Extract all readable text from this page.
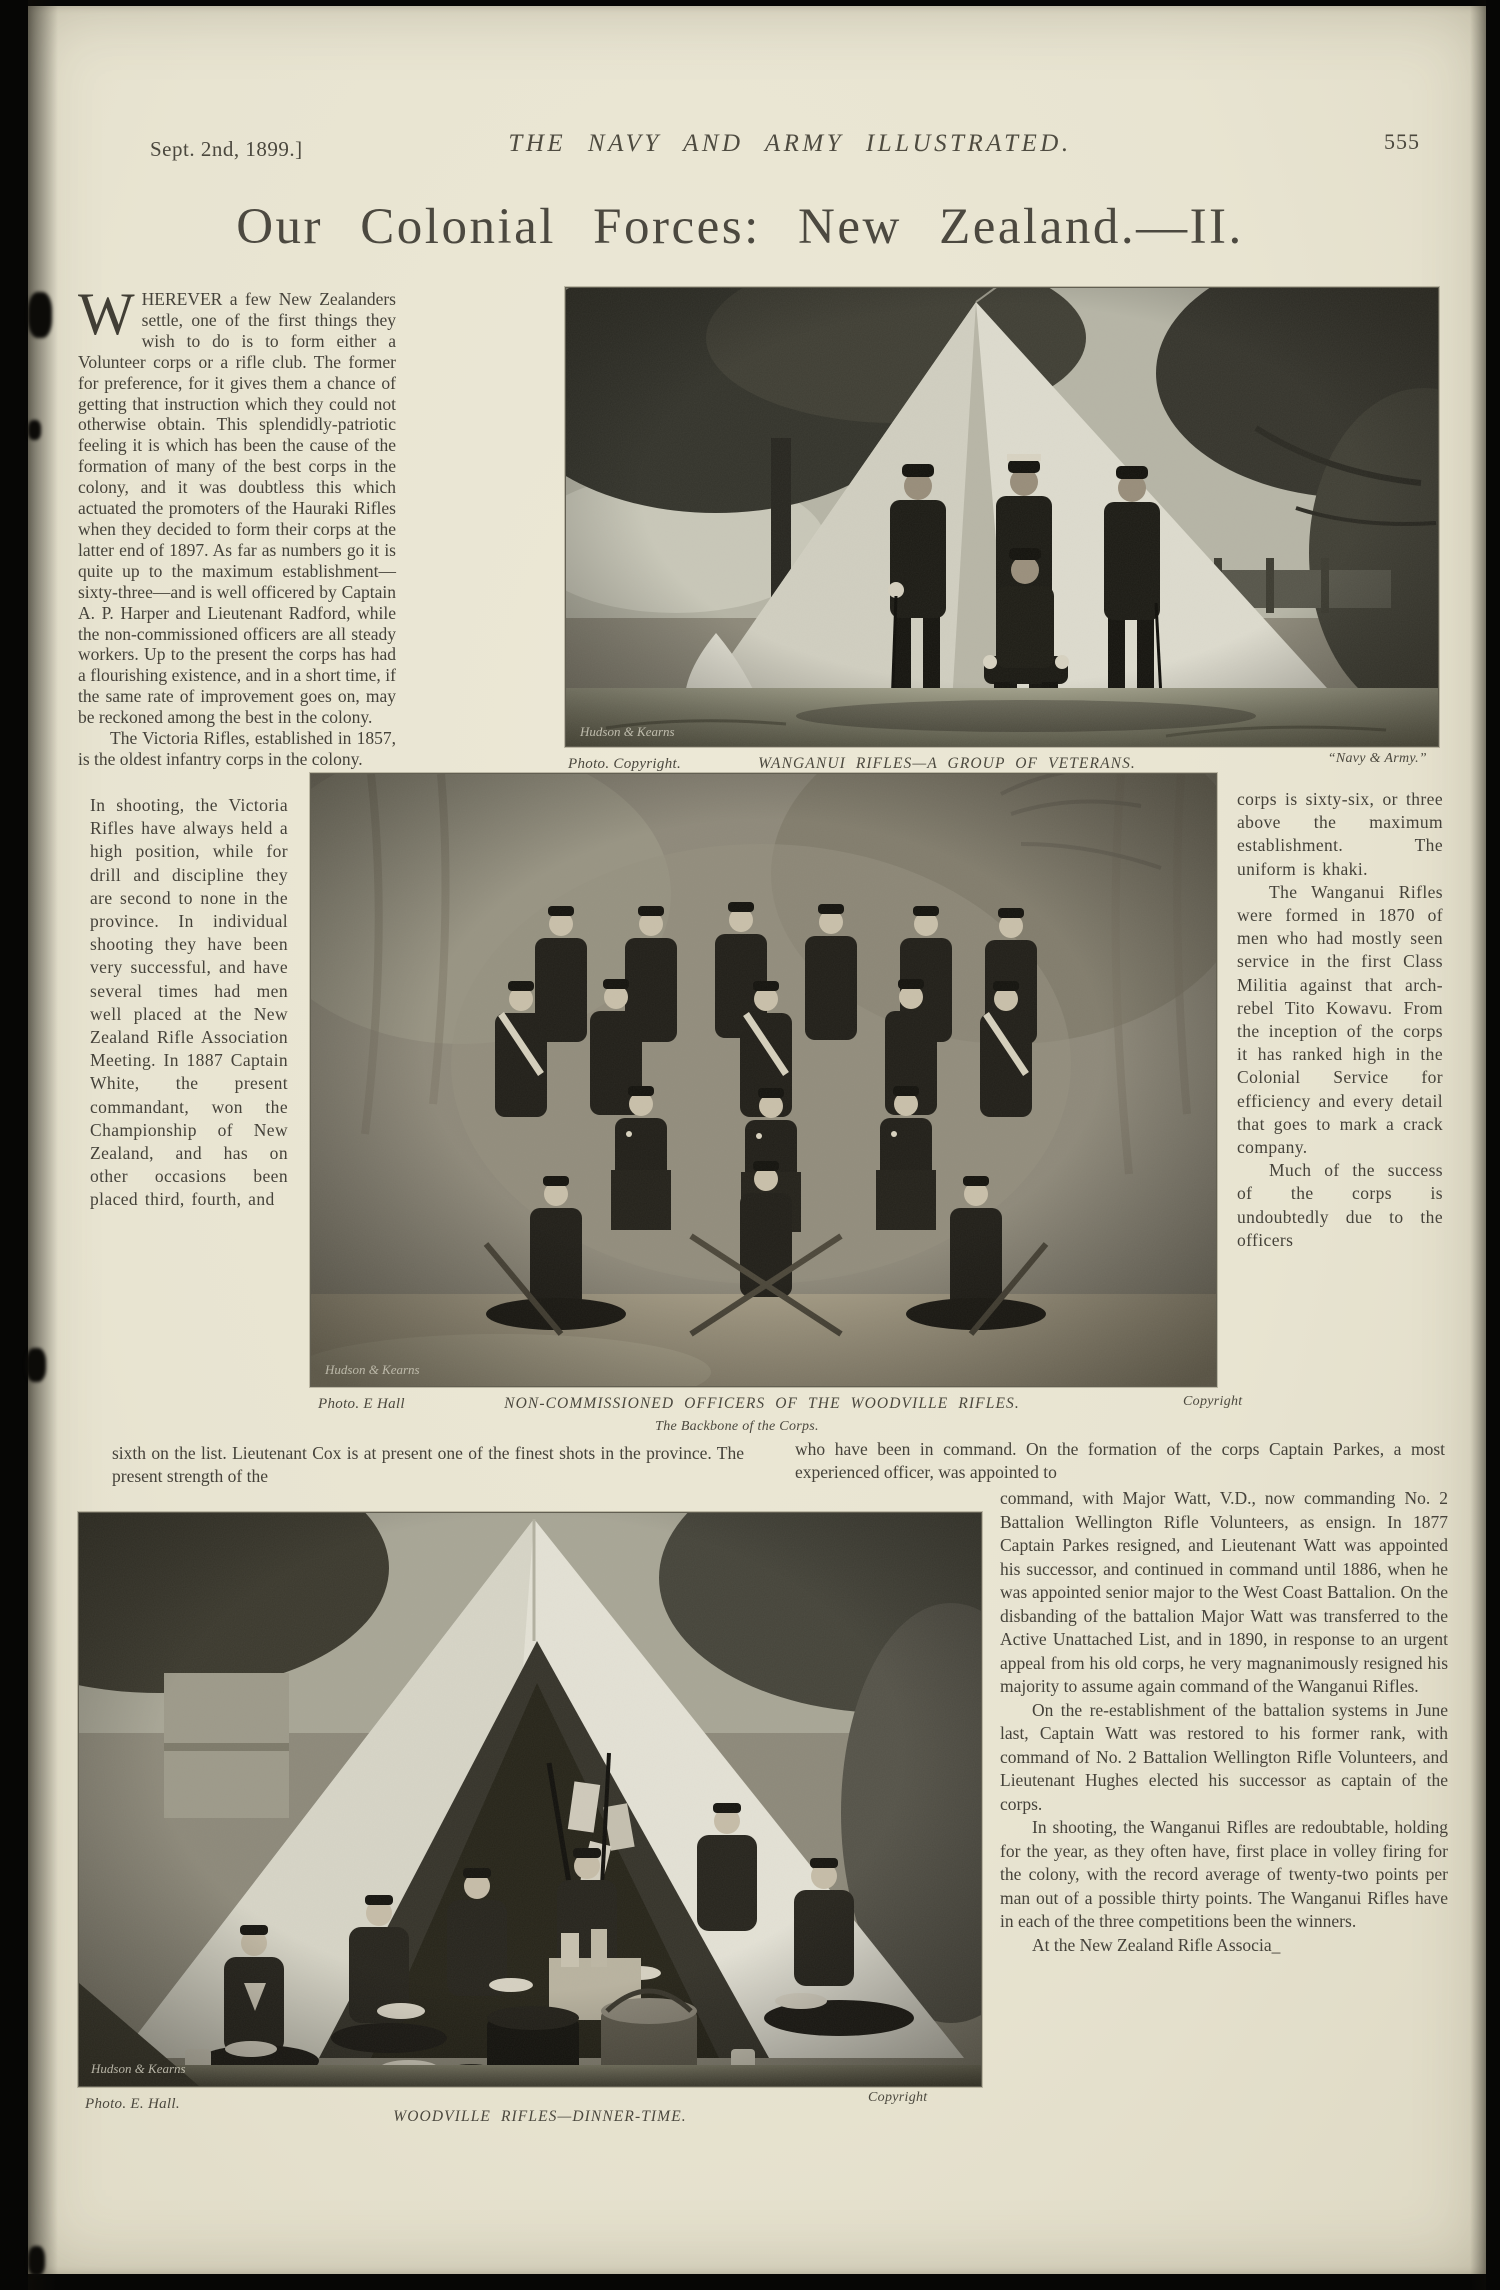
Sept. 2nd, 1899.]	THE NAVY AND ARMY ILLUSTRATED.	555
Our Colonial Forces: New Zealand.—II.

WHEREVER a few New Zealanders settle, one of the first things they wish to do is to form either a Volunteer corps or a rifle club. The former for preference, for it gives them a chance of getting that instruction which they could not otherwise obtain. This splendidly-patriotic feeling it is which has been the cause of the formation of many of the best corps in the colony, and it was doubtless this which actuated the promoters of the Hauraki Rifles when they decided to form their corps at the latter end of 1897. As far as numbers go it is quite up to the maximum establishment—sixty-three—and is well officered by Captain A. P. Harper and Lieutenant Radford, while the non-commissioned officers are all steady workers. Up to the present the corps has had a flourishing existence, and in a short time, if the same rate of improvement goes on, may be reckoned among the best in the colony.

The Victoria Rifles, established in 1857, is the oldest infantry corps in the colony.

Hudson & Kearns
Photo. Copyright.	WANGANUI RIFLES—A GROUP OF VETERANS.	“Navy & Army.”

In shooting, the Victoria Rifles have always held a high position, while for drill and discipline they are second to none in the province. In individual shooting they have been very successful, and have several times had men well placed at the New Zealand Rifle Association Meeting. In 1887 Captain White, the present commandant, won the Championship of New Zealand, and has on other occasions been placed third, fourth, and

corps is sixty-six, or three above the maximum establishment. The uniform is khaki.

The Wanganui Rifles were formed in 1870 of men who had mostly seen service in the first Class Militia against that arch-rebel Tito Kowavu. From the inception of the corps it has ranked high in the Colonial Service for efficiency and every detail that goes to mark a crack company.

Much of the success of the corps is undoubtedly due to the officers

Hudson & Kearns
Photo. E Hall	NON-COMMISSIONED OFFICERS OF THE WOODVILLE RIFLES.
The Backbone of the Corps.
Copyright

sixth on the list. Lieutenant Cox is at present one of the finest shots in the province. The present strength of the

who have been in command. On the formation of the corps Captain Parkes, a most experienced officer, was appointed to

Hudson & Kearns
Photo. E. Hall.
WOODVILLE RIFLES—DINNER-TIME.
Copyright

command, with Major Watt, V.D., now commanding No. 2 Battalion Wellington Rifle Volunteers, as ensign. In 1877 Captain Parkes resigned, and Lieutenant Watt was appointed his successor, and continued in command until 1886, when he was appointed senior major to the West Coast Battalion. On the disbanding of the battalion Major Watt was transferred to the Active Unattached List, and in 1890, in response to an urgent appeal from his old corps, he very magnanimously resigned his majority to assume again command of the Wanganui Rifles.

On the re-establishment of the battalion systems in June last, Captain Watt was restored to his former rank, with command of No. 2 Battalion Wellington Rifle Volunteers, and Lieutenant Hughes elected his successor as captain of the corps.

In shooting, the Wanganui Rifles are redoubtable, holding for the year, as they often have, first place in volley firing for the colony, with the record average of twenty-two points per man out of a possible thirty points. The Wanganui Rifles have in each of the three competitions been the winners.

At the New Zealand Rifle Associa_
